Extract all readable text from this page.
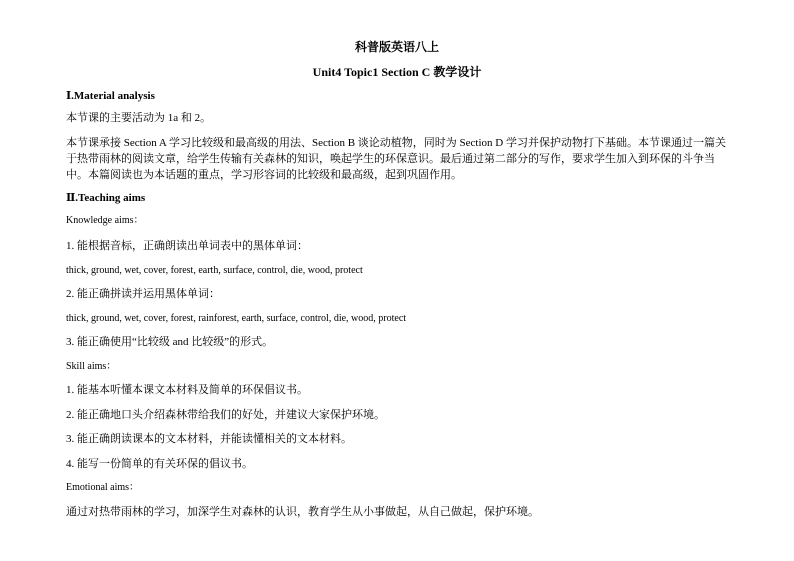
科普版英语八上
Unit4 Topic1 Section C 教学设计
Ⅰ.Material analysis
本节课的主要活动为 1a 和 2。
本节课承接 Section A 学习比较级和最高级的用法、Section B 谈论动植物，同时为 Section D 学习并保护动物打下基础。本节课通过一篇关于热带雨林的阅读文章，给学生传输有关森林的知识，唤起学生的环保意识。最后通过第二部分的写作，要求学生加入到环保的斗争当中。本篇阅读也为本话题的重点，学习形容词的比较级和最高级，起到巩固作用。
Ⅱ.Teaching aims
Knowledge aims：
1. 能根据音标，正确朗读出单词表中的黑体单词：
thick, ground, wet, cover, forest, earth, surface, control, die, wood, protect
2. 能正确拼读并运用黑体单词：
thick, ground, wet, cover, forest, rainforest, earth, surface, control, die, wood, protect
3. 能正确使用“比较级 and 比较级”的形式。
Skill aims：
1. 能基本听懂本课文本材料及简单的环保倡议书。
2. 能正确地口头介绍森林带给我们的好处，并建议大家保护环境。
3. 能正确朗读课本的文本材料，并能读懂相关的文本材料。
4. 能写一份简单的有关环保的倡议书。
Emotional aims：
通过对热带雨林的学习，加深学生对森林的认识，教育学生从小事做起，从自己做起，保护环境。
